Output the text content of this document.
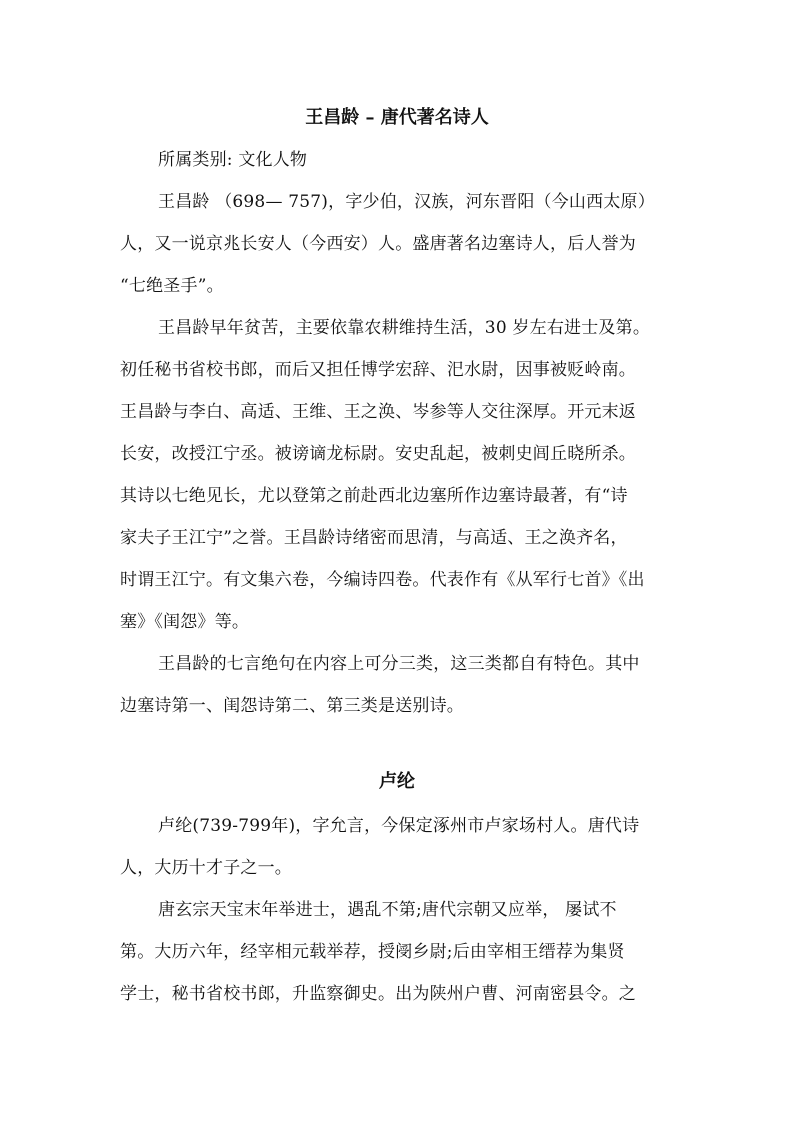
王昌龄 – 唐代著名诗人
所属类别: 文化人物
王昌龄 （698— 757)，字少伯，汉族，河东晋阳（今山西太原）
人，又一说京兆长安人（今西安）人。盛唐著名边塞诗人，后人誉为
“七绝圣手”。
王昌龄早年贫苦，主要依靠农耕维持生活，30 岁左右进士及第。
初任秘书省校书郎，而后又担任博学宏辞、汜水尉，因事被贬岭南。
王昌龄与李白、高适、王维、王之涣、岑参等人交往深厚。开元末返
长安，改授江宁丞。被谤谪龙标尉。安史乱起，被刺史闾丘晓所杀。
其诗以七绝见长，尤以登第之前赴西北边塞所作边塞诗最著，有“诗
家夫子王江宁”之誉。王昌龄诗绪密而思清，与高适、王之涣齐名，
时谓王江宁。有文集六卷，今编诗四卷。代表作有《从军行七首》《出
塞》《闺怨》等。
王昌龄的七言绝句在内容上可分三类，这三类都自有特色。其中
边塞诗第一、闺怨诗第二、第三类是送别诗。
卢纶
卢纶(739-799年)，字允言，今保定涿州市卢家场村人。唐代诗
人，大历十才子之一。
唐玄宗天宝末年举进士，遇乱不第;唐代宗朝又应举， 屡试不
第。大历六年，经宰相元载举荐，授阌乡尉;后由宰相王缙荐为集贤
学士，秘书省校书郎，升监察御史。出为陕州户曹、河南密县令。之
